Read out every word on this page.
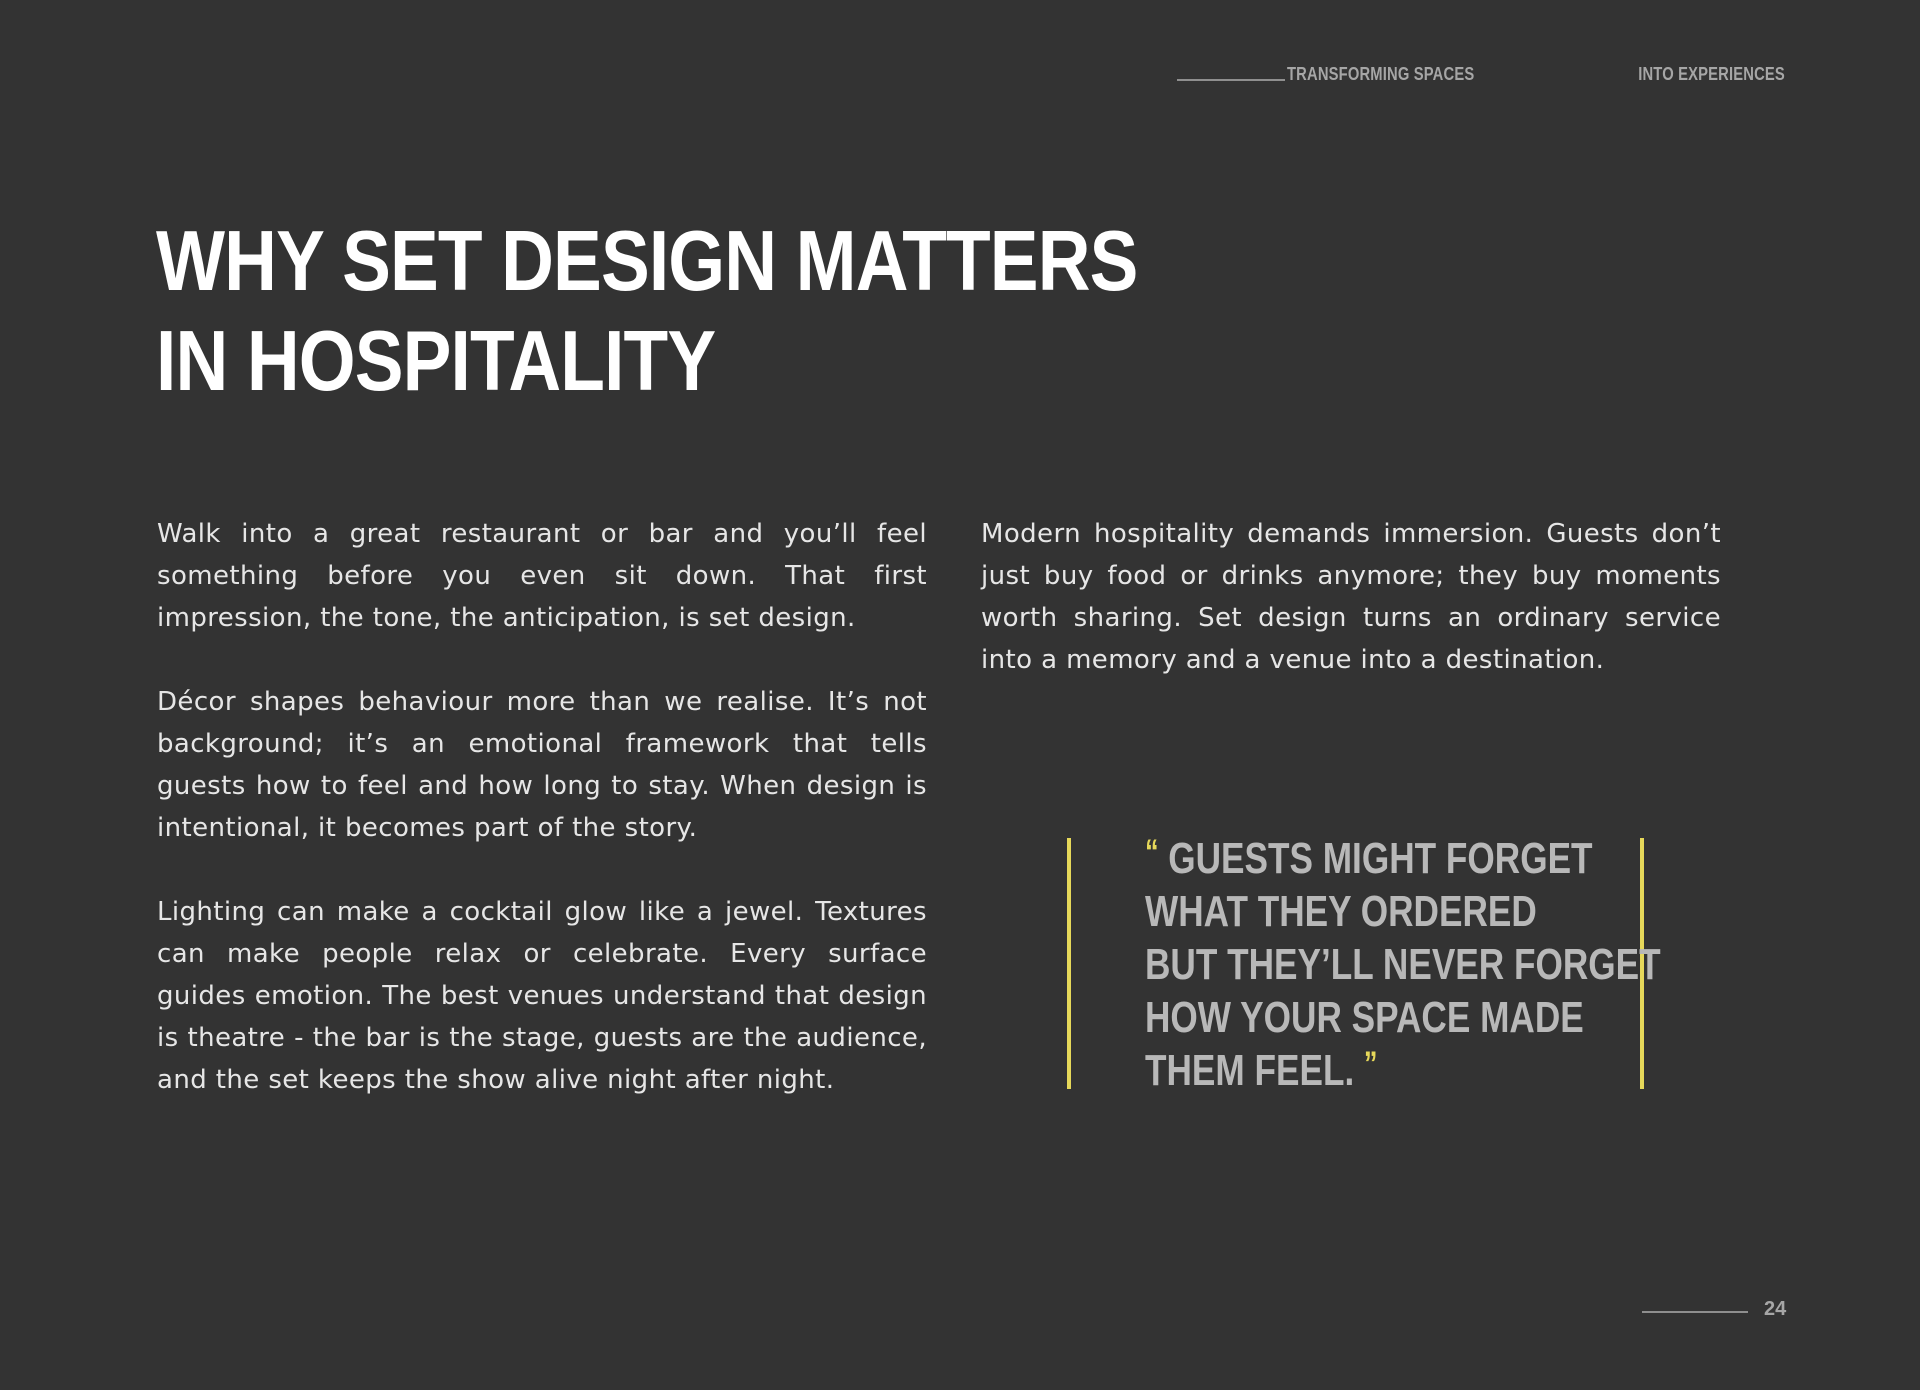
TRANSFORMING SPACES	INTO EXPERIENCES
WHY SET DESIGN MATTERS
IN HOSPITALITY

Walk into a great restaurant or bar and you’ll feel something before you even sit down. That first impression, the tone, the anticipation, is set design.

Décor shapes behaviour more than we realise. It’s not background; it’s an emotional framework that tells guests how to feel and how long to stay. When design is intentional, it becomes part of the story.

Lighting can make a cocktail glow like a jewel. Textures can make people relax or celebrate. Every surface guides emotion. The best venues understand that design is theatre - the bar is the stage, guests are the audience, and the set keeps the show alive night after night.

Modern hospitality demands immersion. Guests don’t just buy food or drinks anymore; they buy moments worth sharing. Set design turns an ordinary service into a memory and a venue into a destination.

“ GUESTS MIGHT FORGET
WHAT THEY ORDERED
BUT THEY’LL NEVER FORGET
HOW YOUR SPACE MADE
THEM FEEL. ”
24
